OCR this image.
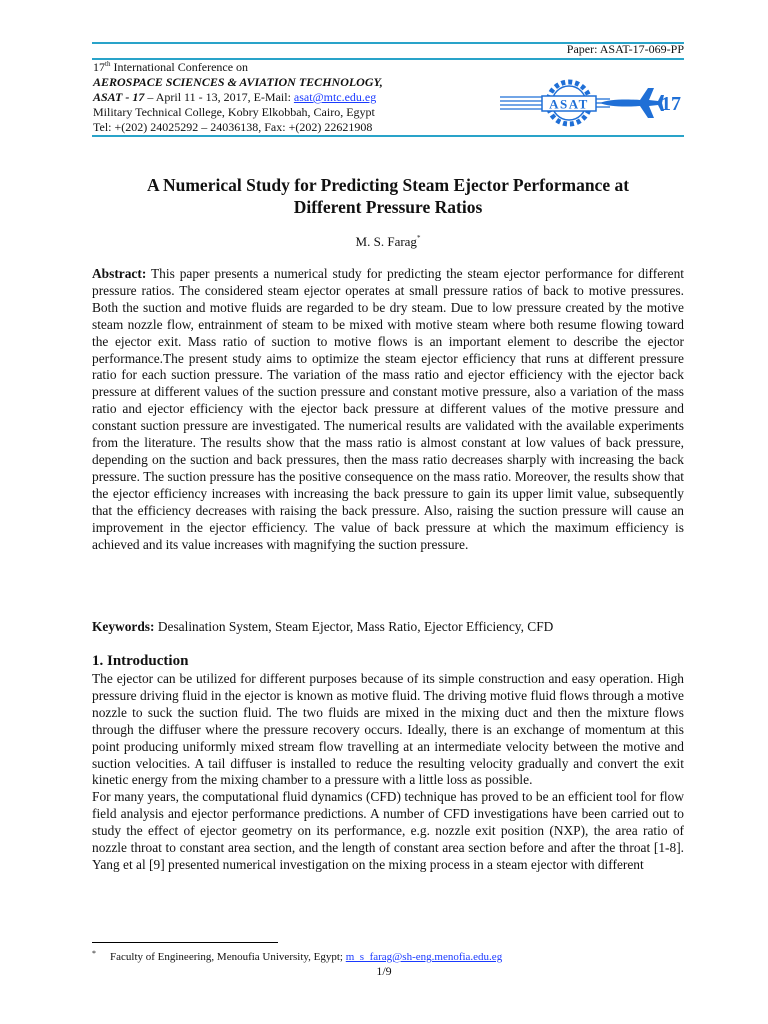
Paper: ASAT-17-069-PP
17th International Conference on
AEROSPACE SCIENCES & AVIATION TECHNOLOGY,
ASAT - 17 – April 11 - 13, 2017, E-Mail: asat@mtc.edu.eg
Military Technical College, Kobry Elkobbah, Cairo, Egypt
Tel: +(202) 24025292 – 24036138, Fax: +(202) 22621908
ASAT	17
A Numerical Study for Predicting Steam Ejector Performance at
Different Pressure Ratios
M. S. Farag*
Abstract: This paper presents a numerical study for predicting the steam ejector performance for different pressure ratios. The considered steam ejector operates at small pressure ratios of back to motive pressures. Both the suction and motive fluids are regarded to be dry steam. Due to low pressure created by the motive steam nozzle flow, entrainment of steam to be mixed with motive steam where both resume flowing toward the ejector exit. Mass ratio of suction to motive flows is an important element to describe the ejector performance.The present study aims to optimize the steam ejector efficiency that runs at different pressure ratio for each suction pressure. The variation of the mass ratio and ejector efficiency with the ejector back pressure at different values of the suction pressure and constant motive pressure, also a variation of the mass ratio and ejector efficiency with the ejector back pressure at different values of the motive pressure and constant suction pressure are investigated. The numerical results are validated with the available experiments from the literature. The results show that the mass ratio is almost constant at low values of back pressure, depending on the suction and back pressures, then the mass ratio decreases sharply with increasing the back pressure. The suction pressure has the positive consequence on the mass ratio. Moreover, the results show that the ejector efficiency increases with increasing the back pressure to gain its upper limit value, subsequently that the efficiency decreases with raising the back pressure. Also, raising the suction pressure will cause an improvement in the ejector efficiency. The value of back pressure at which the maximum efficiency is achieved and its value increases with magnifying the suction pressure.
Keywords: Desalination System, Steam Ejector, Mass Ratio, Ejector Efficiency, CFD
1. Introduction
The ejector can be utilized for different purposes because of its simple construction and easy operation. High pressure driving fluid in the ejector is known as motive fluid. The driving motive fluid flows through a motive nozzle to suck the suction fluid. The two fluids are mixed in the mixing duct and then the mixture flows through the diffuser where the pressure recovery occurs. Ideally, there is an exchange of momentum at this point producing uniformly mixed stream flow travelling at an intermediate velocity between the motive and suction velocities. A tail diffuser is installed to reduce the resulting velocity gradually and convert the exit kinetic energy from the mixing chamber to a pressure with a little loss as possible.
For many years, the computational fluid dynamics (CFD) technique has proved to be an efficient tool for flow field analysis and ejector performance predictions. A number of CFD investigations have been carried out to study the effect of ejector geometry on its performance, e.g. nozzle exit position (NXP), the area ratio of nozzle throat to constant area section, and the length of constant area section before and after the throat [1-8]. Yang et al [9] presented numerical investigation on the mixing process in a steam ejector with different
* Faculty of Engineering, Menoufia University, Egypt; m_s_farag@sh-eng.menofia.edu.eg
1/9
